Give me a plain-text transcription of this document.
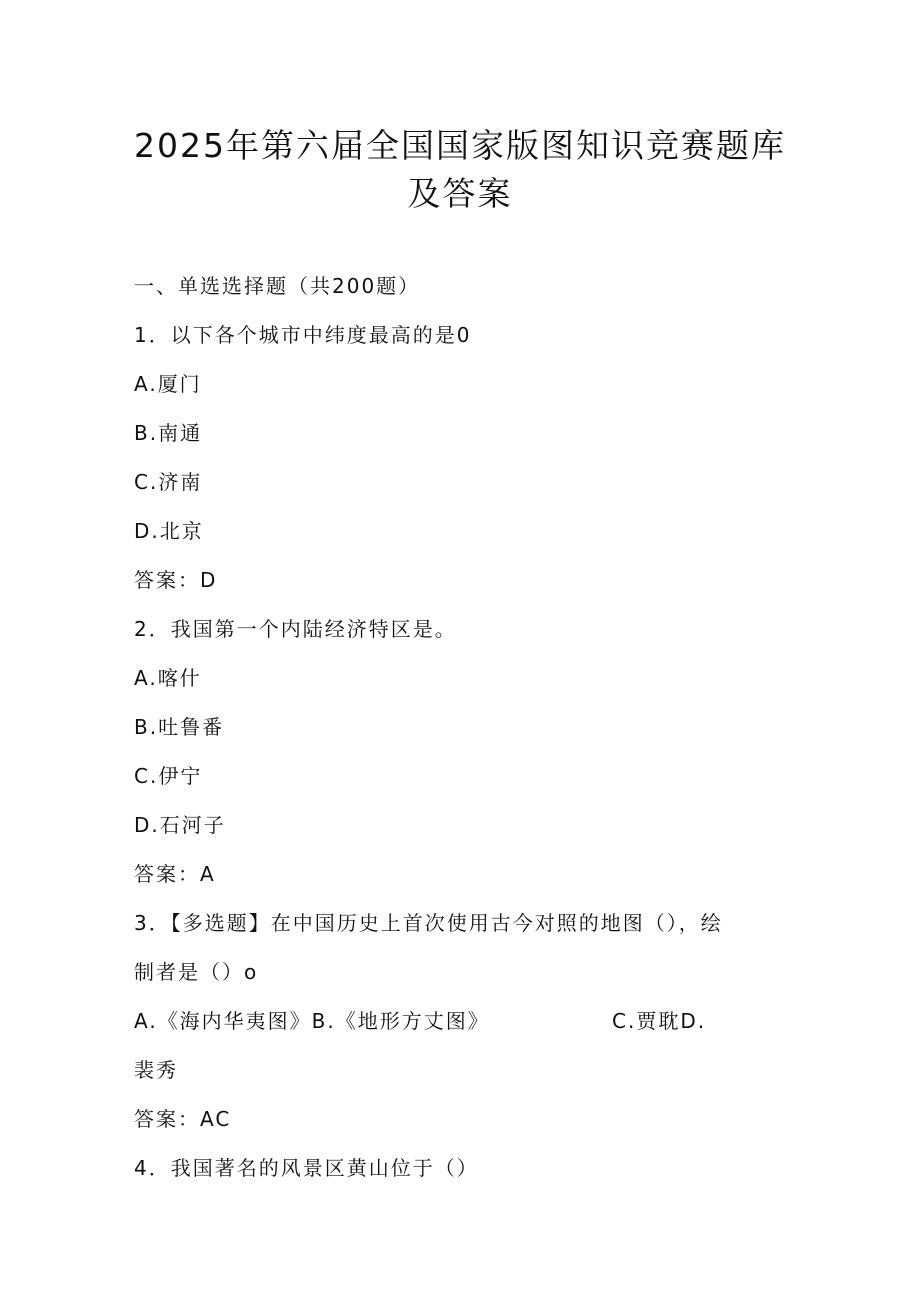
2025年第六届全国国家版图知识竞赛题库
及答案
一、单选选择题（共200题）
1．以下各个城市中纬度最高的是0
A.厦门
B.南通
C.济南
D.北京
答案：D
2．我国第一个内陆经济特区是。
A.喀什
B.吐鲁番
C.伊宁
D.石河子
答案：A
3．【多选题】在中国历史上首次使用古今对照的地图（），绘
制者是（）o
A.《海内华夷图》B.《地形方丈图》	C.贾耽D.
裴秀
答案：AC
4．我国著名的风景区黄山位于（）
